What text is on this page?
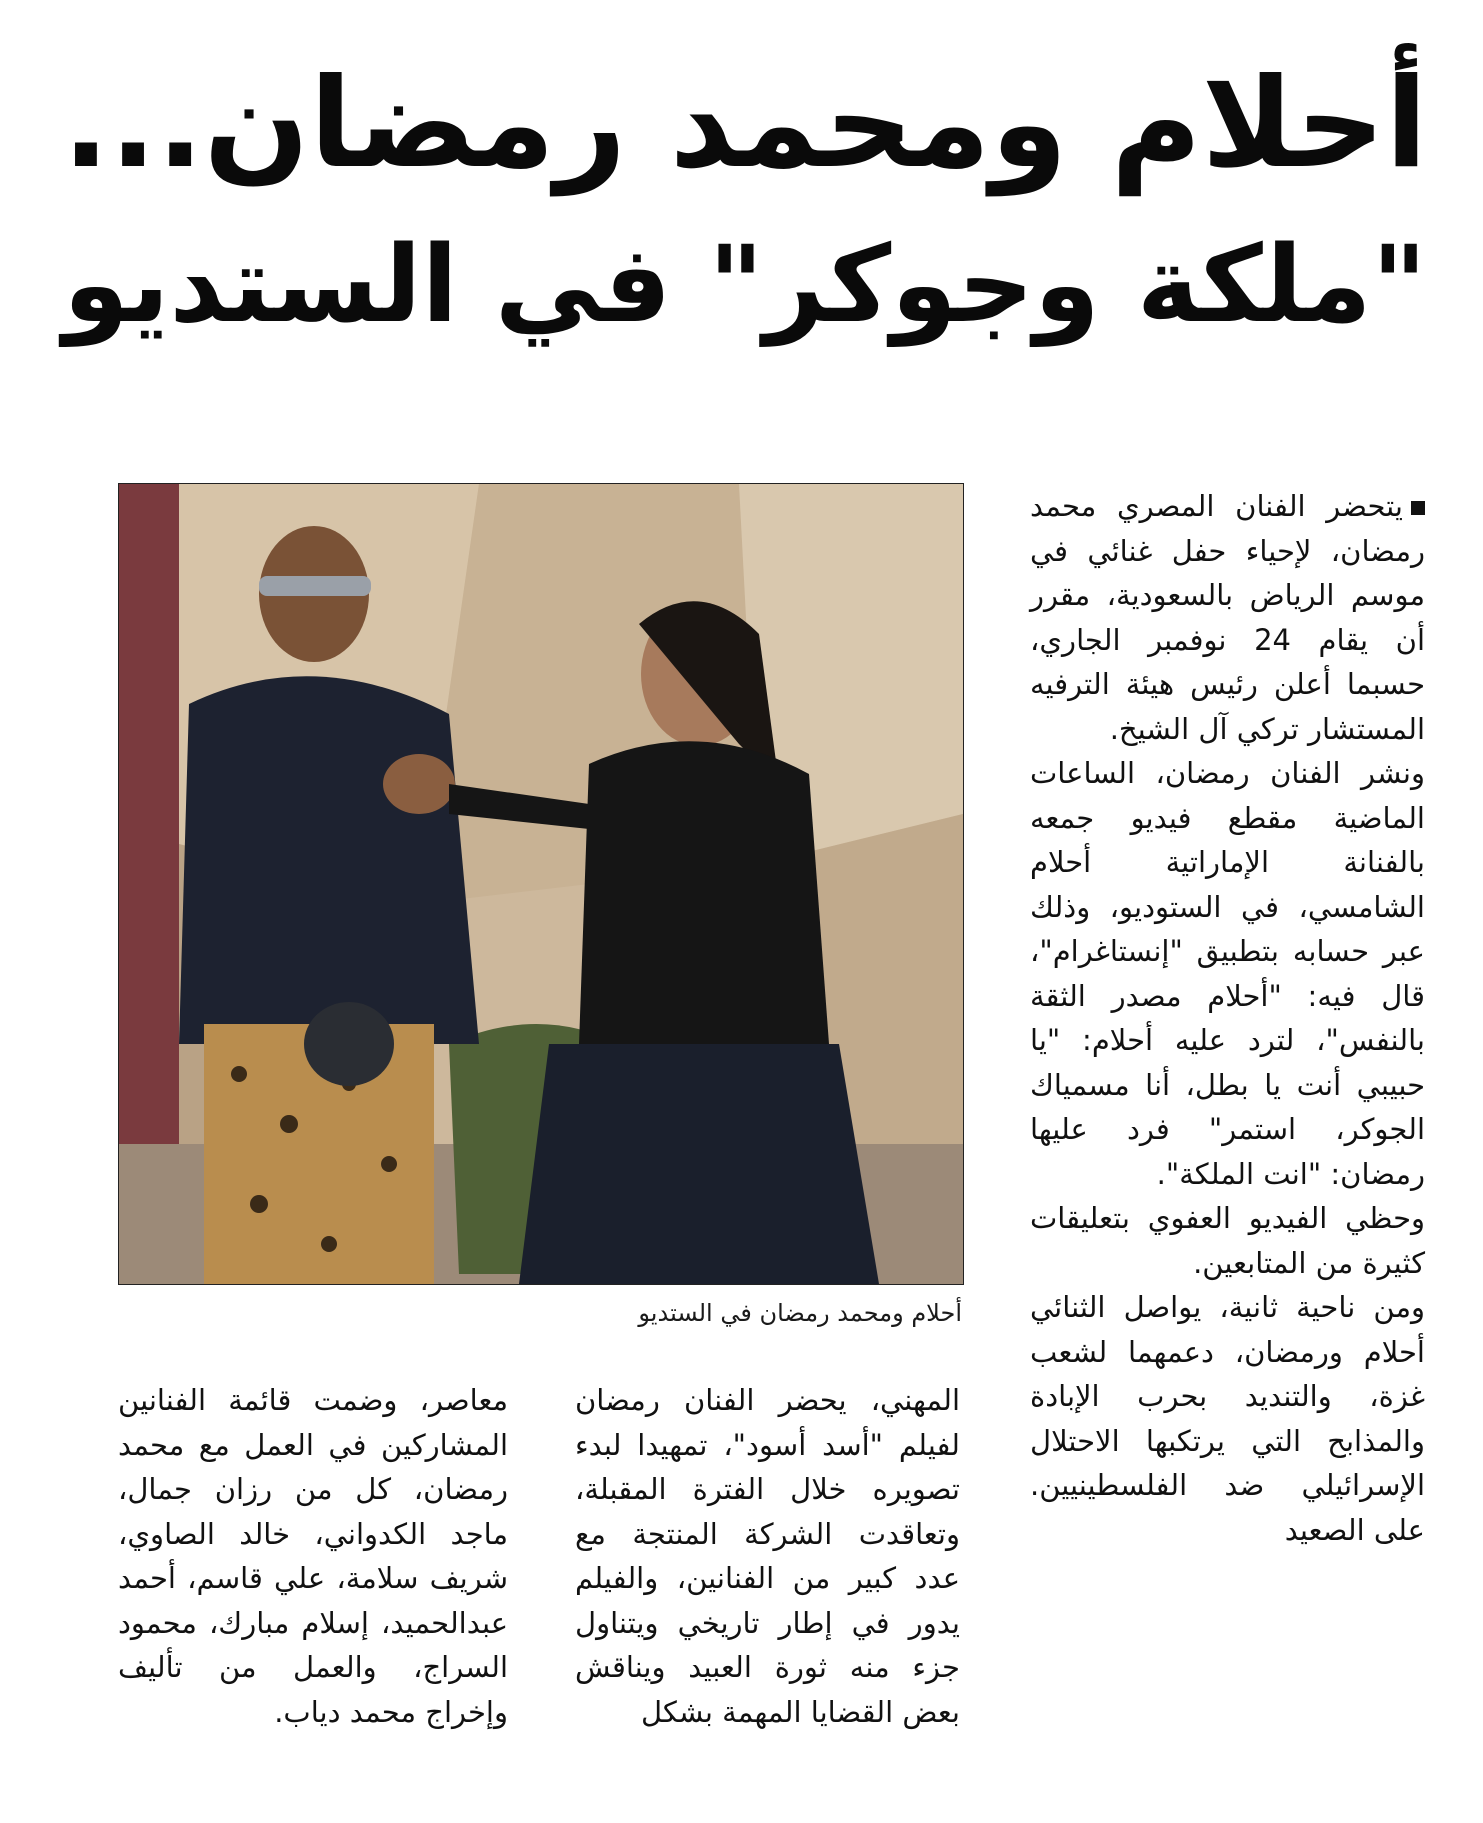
أحلام ومحمد رمضان...
"ملكة وجوكر" في الستديو

أحلام ومحمد رمضان في الستديو

يتحضر الفنان المصري محمد رمضان، لإحياء حفل غنائي في موسم الرياض بالسعودية، مقرر أن يقام 24 نوفمبر الجاري، حسبما أعلن رئيس هيئة الترفيه المستشار تركي آل الشيخ.

ونشر الفنان رمضان، الساعات الماضية مقطع فيديو جمعه بالفنانة الإماراتية أحلام الشامسي، في الستوديو، وذلك عبر حسابه بتطبيق "إنستاغرام"، قال فيه: "أحلام مصدر الثقة بالنفس"، لترد عليه أحلام: "يا حبيبي أنت يا بطل، أنا مسمياك الجوكر، استمر" فرد عليها رمضان: "انت الملكة".

وحظي الفيديو العفوي بتعليقات كثيرة من المتابعين.

ومن ناحية ثانية، يواصل الثنائي أحلام ورمضان، دعمهما لشعب غزة، والتنديد بحرب الإبادة والمذابح التي يرتكبها الاحتلال الإسرائيلي ضد الفلسطينيين. على الصعيد

المهني، يحضر الفنان رمضان لفيلم "أسد أسود"، تمهيدا لبدء تصويره خلال الفترة المقبلة، وتعاقدت الشركة المنتجة مع عدد كبير من الفنانين، والفيلم يدور في إطار تاريخي ويتناول جزء منه ثورة العبيد ويناقش بعض القضايا المهمة بشكل

معاصر، وضمت قائمة الفنانين المشاركين في العمل مع محمد رمضان، كل من رزان جمال، ماجد الكدواني، خالد الصاوي، شريف سلامة، علي قاسم، أحمد عبدالحميد، إسلام مبارك، محمود السراج، والعمل من تأليف وإخراج محمد دياب.
